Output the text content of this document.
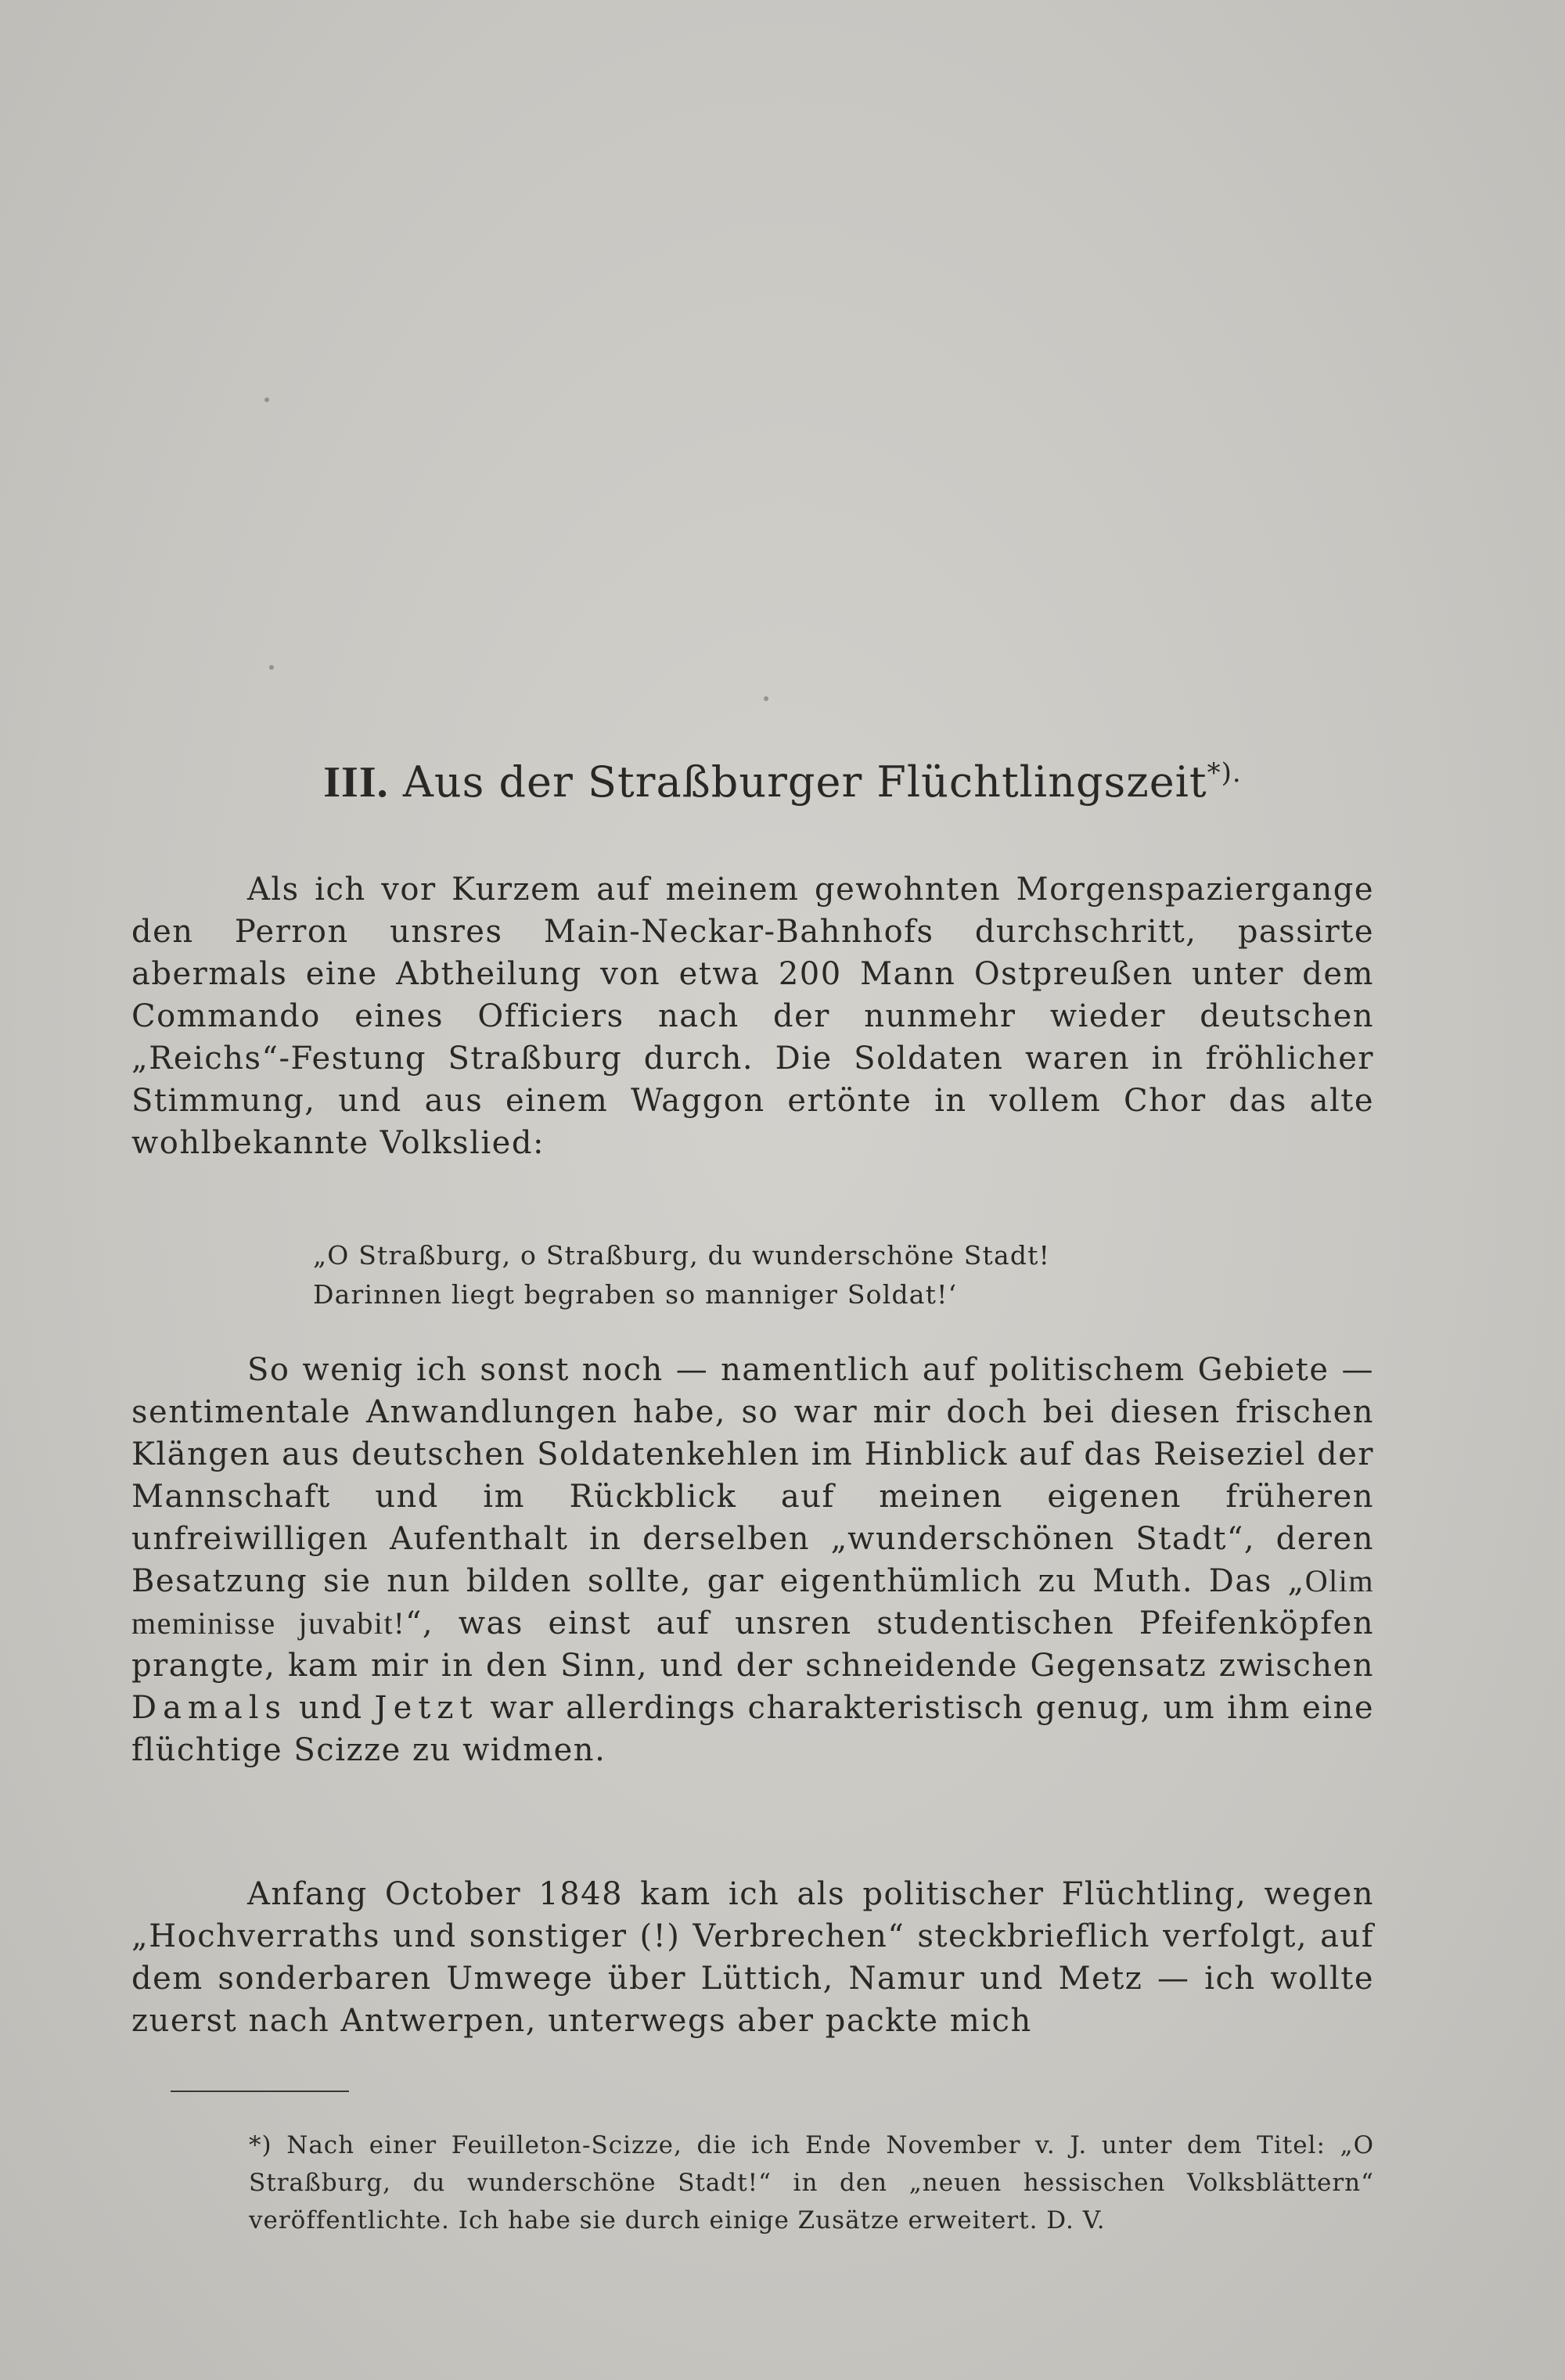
III. Aus der Straßburger Flüchtlingszeit*).

Als ich vor Kurzem auf meinem gewohnten Morgenspaziergange den Perron unsres Main-Neckar-Bahnhofs durchschritt, passirte abermals eine Abtheilung von etwa 200 Mann Ostpreußen unter dem Commando eines Officiers nach der nunmehr wieder deutschen „Reichs“-Festung Straßburg durch. Die Soldaten waren in fröhlicher Stimmung, und aus einem Waggon ertönte in vollem Chor das alte wohlbekannte Volkslied:

„O Straßburg, o Straßburg, du wunderschöne Stadt!
Darinnen liegt begraben so manniger Soldat!‘

So wenig ich sonst noch — namentlich auf politischem Gebiete — sentimentale Anwandlungen habe, so war mir doch bei diesen frischen Klängen aus deutschen Soldatenkehlen im Hinblick auf das Reiseziel der Mannschaft und im Rückblick auf meinen eigenen früheren unfreiwilligen Aufenthalt in derselben „wunderschönen Stadt“, deren Besatzung sie nun bilden sollte, gar eigenthümlich zu Muth. Das „Olim meminisse juvabit!“, was einst auf unsren studentischen Pfeifenköpfen prangte, kam mir in den Sinn, und der schneidende Gegensatz zwischen Damals und Jetzt war allerdings charakteristisch genug, um ihm eine flüchtige Scizze zu widmen.

Anfang October 1848 kam ich als politischer Flüchtling, wegen „Hochverraths und sonstiger (!) Verbrechen“ steckbrieflich verfolgt, auf dem sonderbaren Umwege über Lüttich, Namur und Metz — ich wollte zuerst nach Antwerpen, unterwegs aber packte mich

*) Nach einer Feuilleton-Scizze, die ich Ende November v. J. unter dem Titel: „O Straßburg, du wunderschöne Stadt!“ in den „neuen hessischen Volksblättern“ veröffentlichte. Ich habe sie durch einige Zusätze erweitert. D. V.
